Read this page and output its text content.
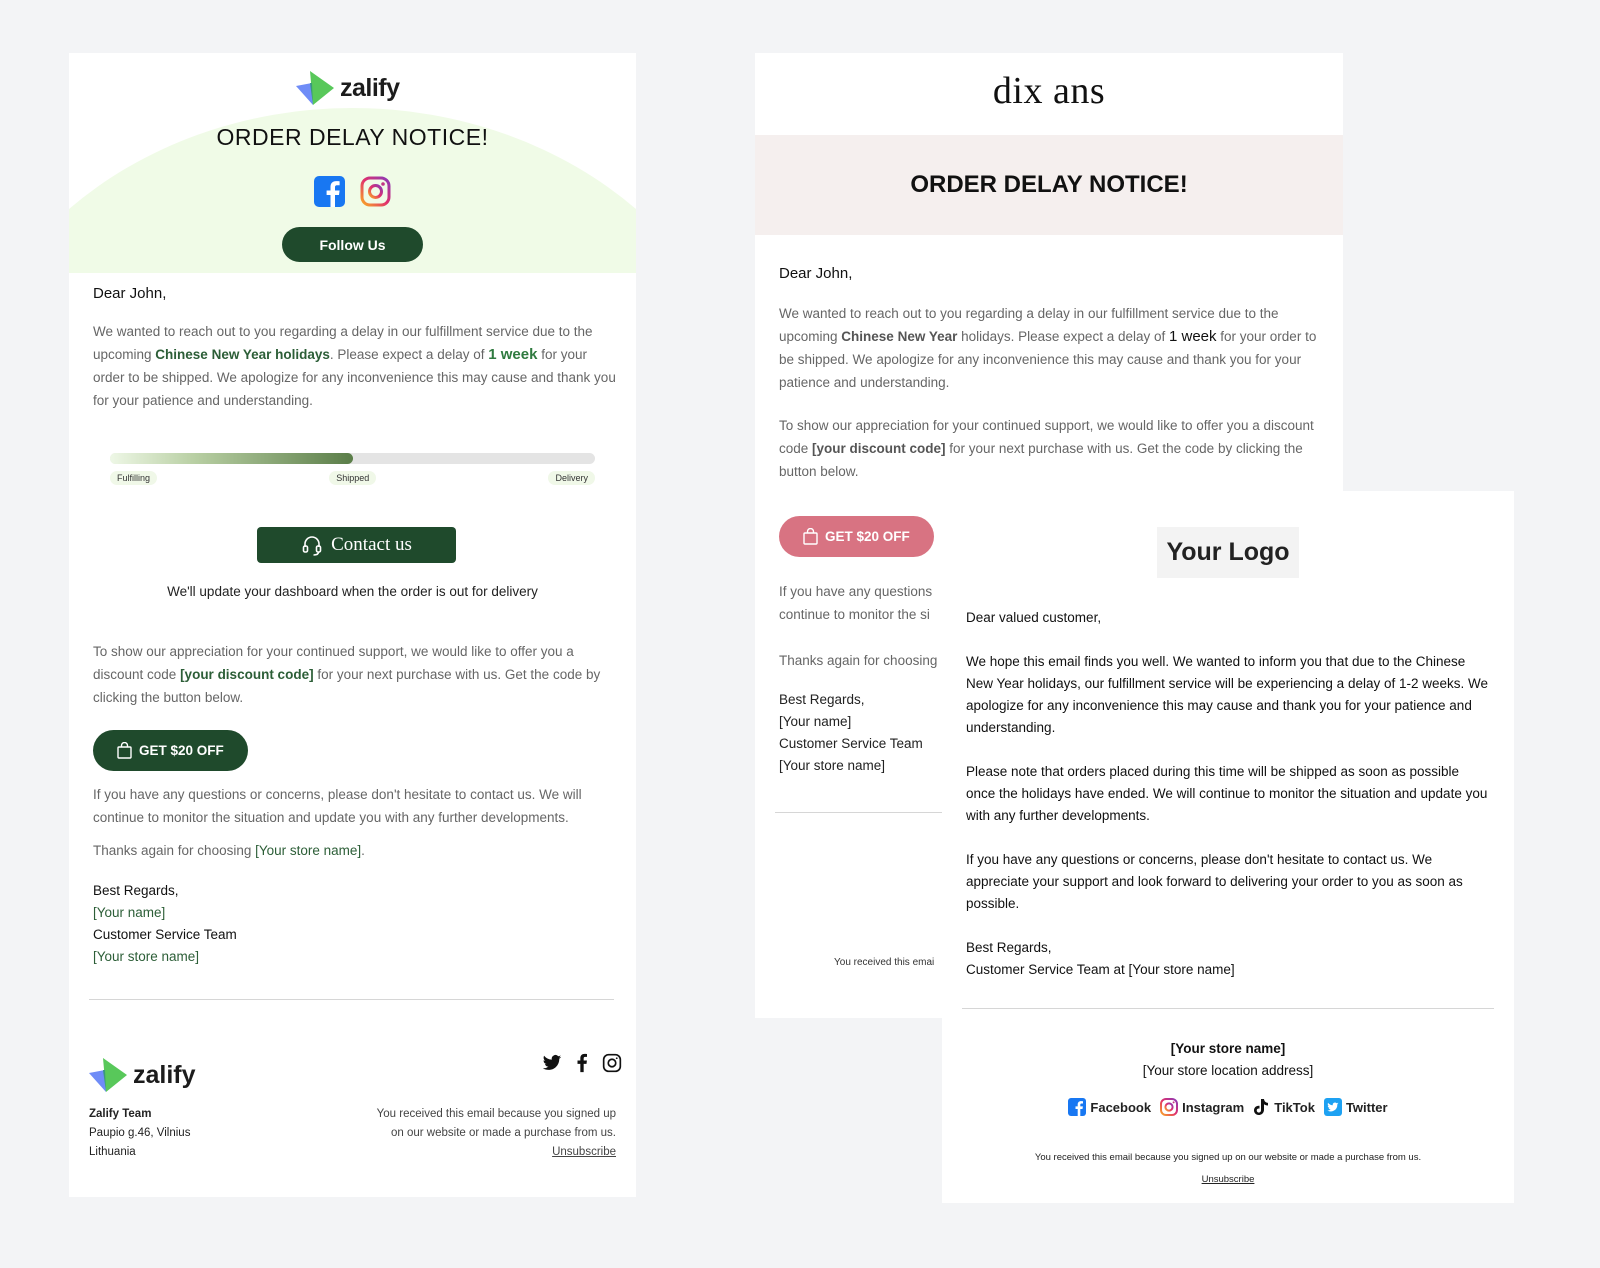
zalify
ORDER DELAY NOTICE!
Follow Us
Dear John,

We wanted to reach out to you regarding a delay in our fulfillment service due to the upcoming Chinese New Year holidays. Please expect a delay of 1 week for your order to be shipped. We apologize for any inconvenience this may cause and thank you for your patience and understanding.

Fulfilling	Shipped	Delivery
Contact us
We'll update your dashboard when the order is out for delivery

To show our appreciation for your continued support, we would like to offer you a discount code [your discount code] for your next purchase with us. Get the code by clicking the button below.

GET $20 OFF

If you have any questions or concerns, please don't hesitate to contact us. We will continue to monitor the situation and update you with any further developments.

Thanks again for choosing [Your store name].

Best Regards,
[Your name]
Customer Service Team
[Your store name]
zalify
Zalify Team
Paupio g.46, Vilnius
Lithuania
You received this email because you signed up
on our website or made a purchase from us.
Unsubscribe
dix ans
ORDER DELAY NOTICE!
Dear John,

We wanted to reach out to you regarding a delay in our fulfillment service due to the upcoming Chinese New Year holidays. Please expect a delay of 1 week for your order to be shipped. We apologize for any inconvenience this may cause and thank you for your patience and understanding.

To show our appreciation for your continued support, we would like to offer you a discount code [your discount code] for your next purchase with us. Get the code by clicking the button below.

GET $20 OFF

If you have any questions
continue to monitor the si

Thanks again for choosing

Best Regards,
[Your name]
Customer Service Team
[Your store name]
You received this emai
Your Logo

Dear valued customer,

We hope this email finds you well. We wanted to inform you that due to the Chinese New Year holidays, our fulfillment service will be experiencing a delay of 1-2 weeks. We apologize for any inconvenience this may cause and thank you for your patience and understanding.

Please note that orders placed during this time will be shipped as soon as possible once the holidays have ended. We will continue to monitor the situation and update you with any further developments.

If you have any questions or concerns, please don't hesitate to contact us. We appreciate your support and look forward to delivering your order to you as soon as possible.

Best Regards,
Customer Service Team at [Your store name]
[Your store name]
[Your store location address]
Facebook Instagram TikTok Twitter
You received this email because you signed up on our website or made a purchase from us.
Unsubscribe
